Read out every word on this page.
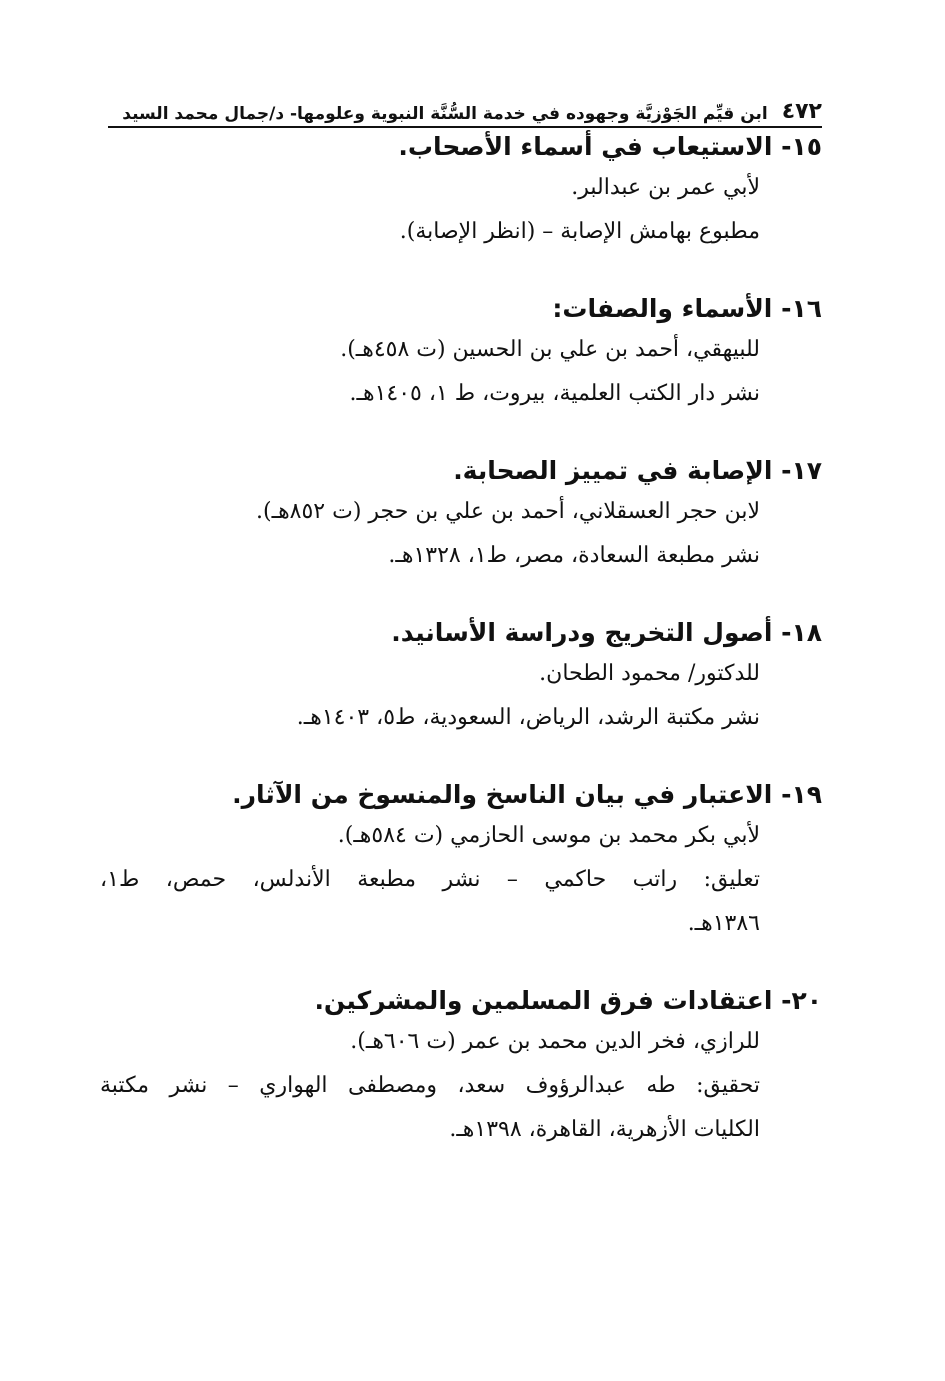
٤٧٢
ابن قيِّم الجَوْزيَّة وجهوده في خدمة السُّنَّة النبوية وعلومها- د/جمال محمد السيد
١٥- الاستيعاب في أسماء الأصحاب.
لأبي عمر بن عبدالبر.
مطبوع بهامش الإصابة – (انظر الإصابة).
١٦- الأسماء والصفات:
للبيهقي، أحمد بن علي بن الحسين (ت ٤٥٨هـ).
نشر دار الكتب العلمية، بيروت، ط ١، ١٤٠٥هـ.
١٧- الإصابة في تمييز الصحابة.
لابن حجر العسقلاني، أحمد بن علي بن حجر (ت ٨٥٢هـ).
نشر مطبعة السعادة، مصر، ط١، ١٣٢٨هـ.
١٨- أصول التخريج ودراسة الأسانيد.
للدكتور/ محمود الطحان.
نشر مكتبة الرشد، الرياض، السعودية، ط٥، ١٤٠٣هـ.
١٩- الاعتبار في بيان الناسخ والمنسوخ من الآثار.
لأبي بكر محمد بن موسى الحازمي (ت ٥٨٤هـ).
تعليق: راتب حاكمي – نشر مطبعة الأندلس، حمص، ط١،
١٣٨٦هـ.
٢٠- اعتقادات فرق المسلمين والمشركين.
للرازي، فخر الدين محمد بن عمر (ت ٦٠٦هـ).
تحقيق: طه عبدالرؤوف سعد، ومصطفى الهواري – نشر مكتبة
الكليات الأزهرية، القاهرة، ١٣٩٨هـ.
